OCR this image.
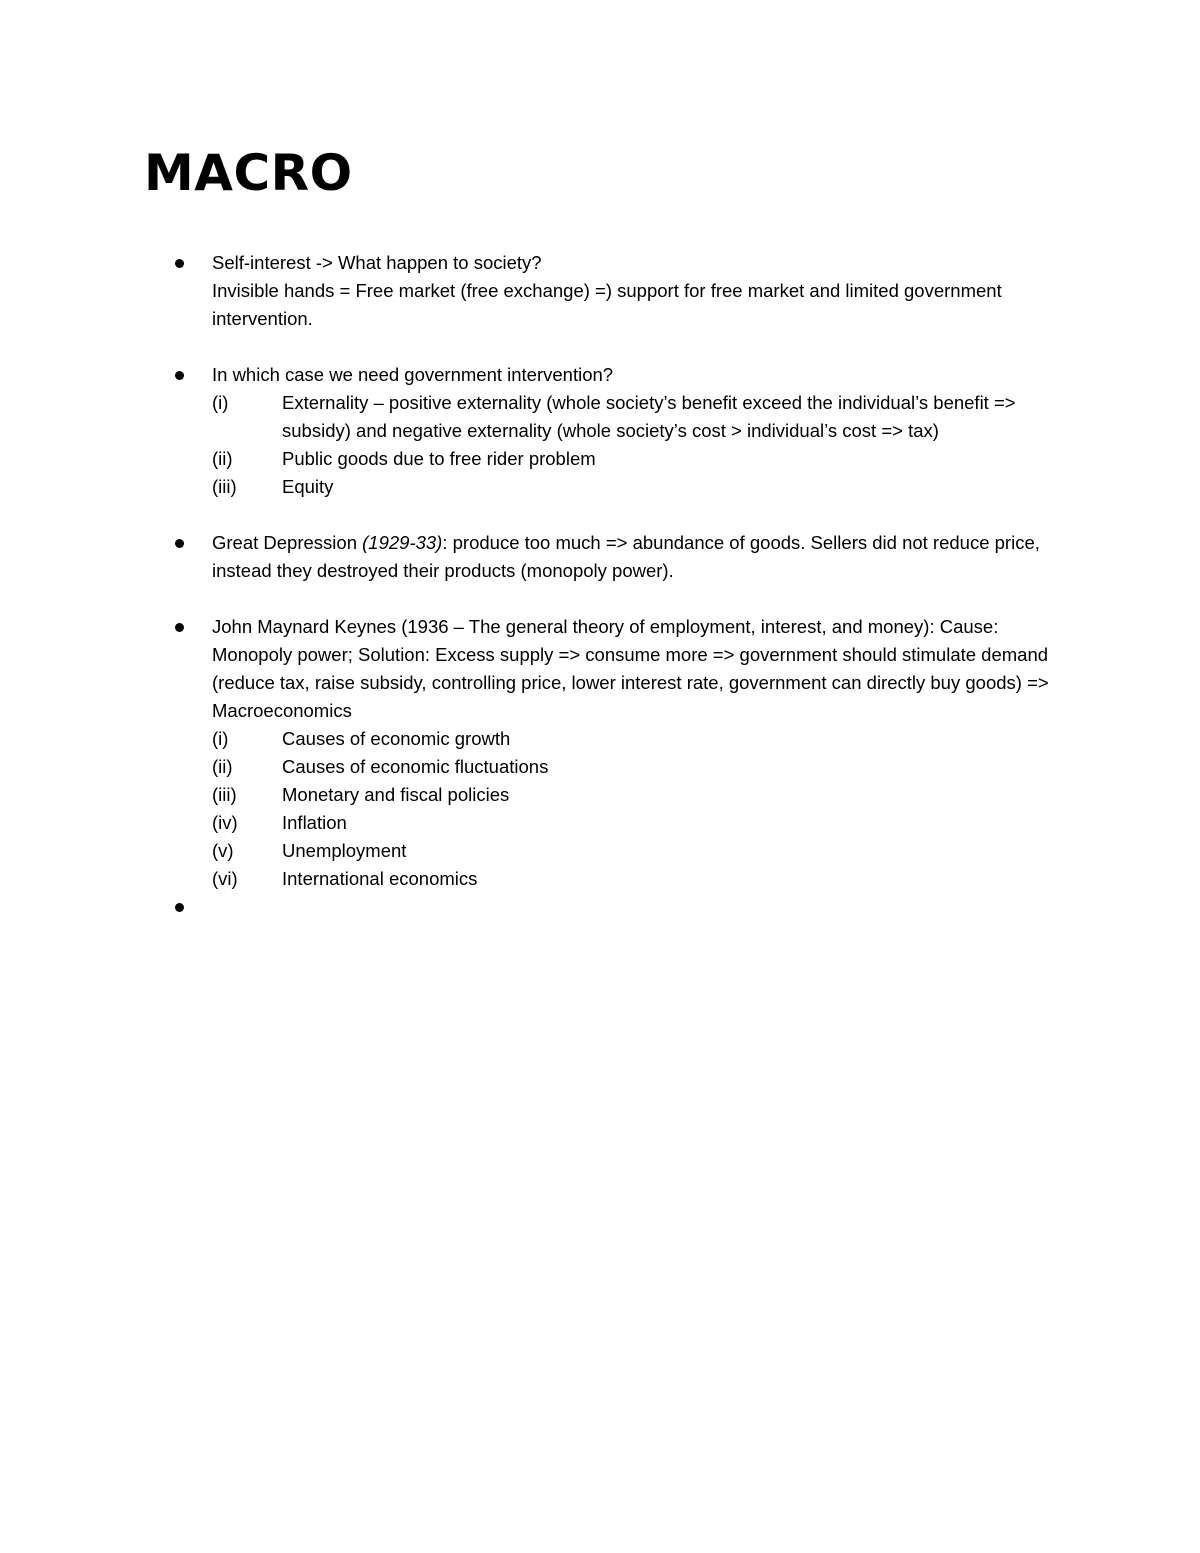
MACRO
Self-interest -> What happen to society?
Invisible hands = Free market (free exchange) =) support for free market and limited government intervention.
In which case we need government intervention?
(i)	Externality – positive externality (whole society’s benefit exceed the individual’s benefit => subsidy) and negative externality (whole society’s cost > individual’s cost => tax)
(ii)	Public goods due to free rider problem
(iii) Equity
Great Depression (1929-33): produce too much => abundance of goods. Sellers did not reduce price, instead they destroyed their products (monopoly power).
John Maynard Keynes (1936 – The general theory of employment, interest, and money): Cause: Monopoly power; Solution: Excess supply => consume more => government should stimulate demand (reduce tax, raise subsidy, controlling price, lower interest rate, government can directly buy goods) => Macroeconomics
(i)	Causes of economic growth
(ii)	Causes of economic fluctuations
(iii) Monetary and fiscal policies
(iv) Inflation
(v)	Unemployment
(vi) International economics
